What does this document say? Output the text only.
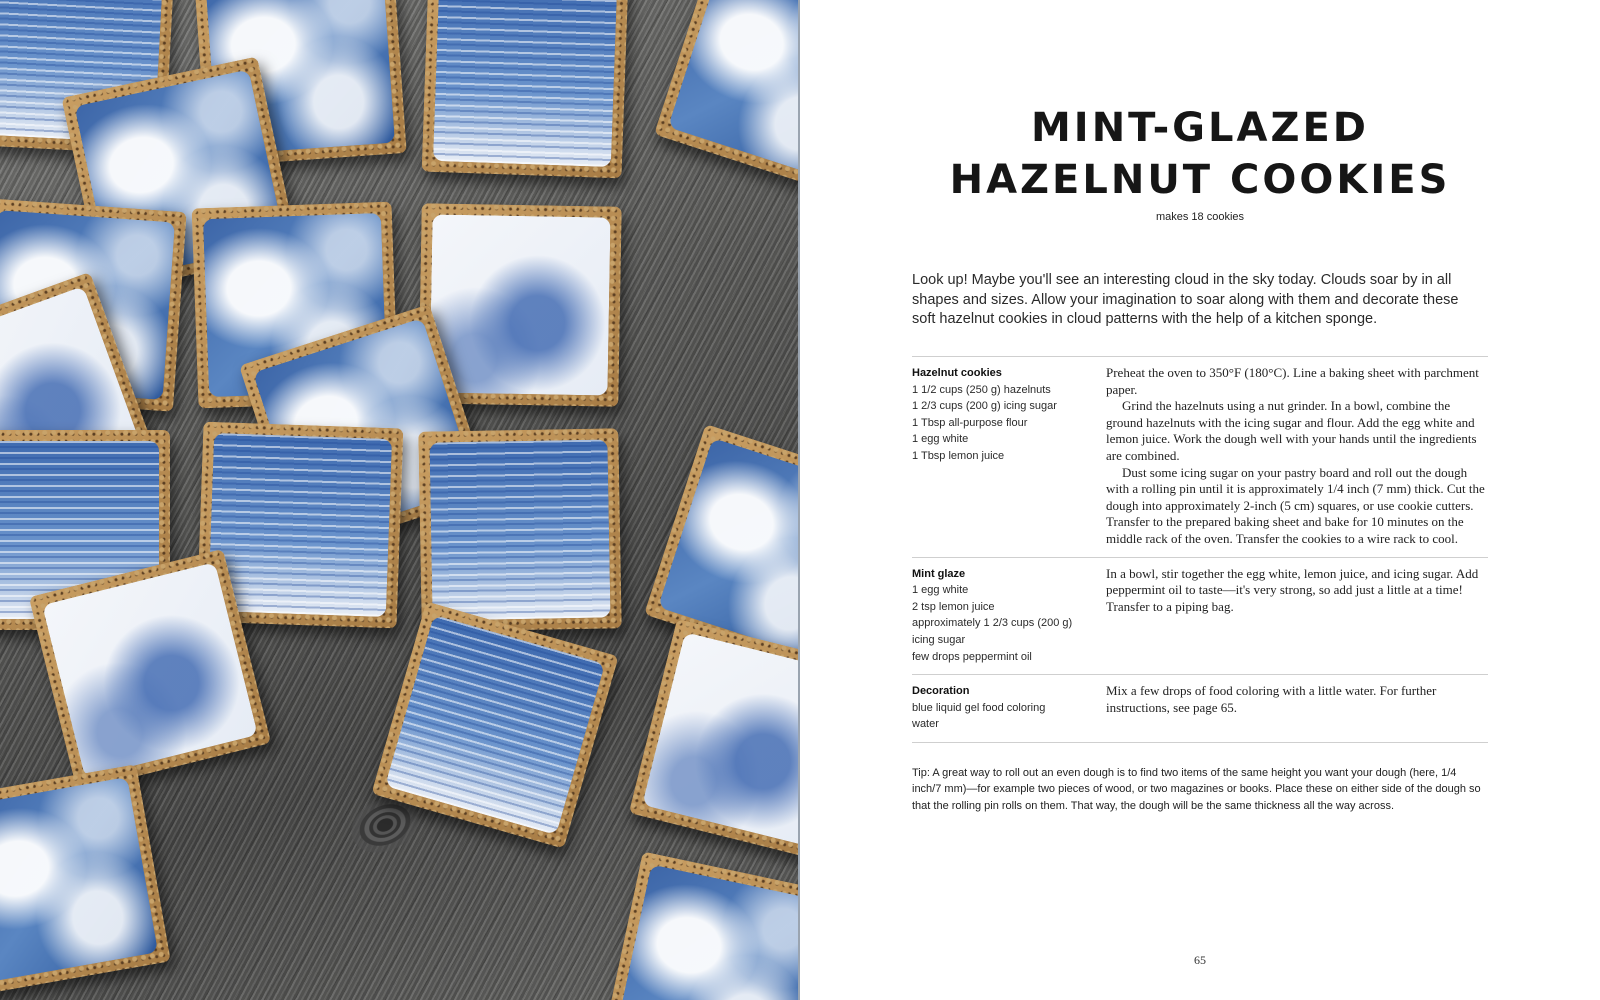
MINT-GLAZED
HAZELNUT COOKIES
makes 18 cookies

Look up! Maybe you'll see an interesting cloud in the sky today. Clouds soar by in all shapes and sizes. Allow your imagination to soar along with them and decorate these soft hazelnut cookies in cloud patterns with the help of a kitchen sponge.

Hazelnut cookies
1 1/2 cups (250 g) hazelnuts
1 2/3 cups (200 g) icing sugar
1 Tbsp all-purpose flour
1 egg white
1 Tbsp lemon juice

Preheat the oven to 350°F (180°C). Line a baking sheet with parchment paper.

Grind the hazelnuts using a nut grinder. In a bowl, combine the ground hazelnuts with the icing sugar and flour. Add the egg white and lemon juice. Work the dough well with your hands until the ingredients are combined.

Dust some icing sugar on your pastry board and roll out the dough with a rolling pin until it is approximately 1/4 inch (7 mm) thick. Cut the dough into approximately 2-inch (5 cm) squares, or use cookie cutters. Transfer to the prepared baking sheet and bake for 10 minutes on the middle rack of the oven. Transfer the cookies to a wire rack to cool.

Mint glaze
1 egg white
2 tsp lemon juice
approximately 1 2/3 cups (200 g)
icing sugar
few drops peppermint oil

In a bowl, stir together the egg white, lemon juice, and icing sugar. Add peppermint oil to taste—it's very strong, so add just a little at a time! Transfer to a piping bag.

Decoration
blue liquid gel food coloring
water

Mix a few drops of food coloring with a little water. For further instructions, see page 65.

Tip: A great way to roll out an even dough is to find two items of the same height you want your dough (here, 1/4 inch/7 mm)—for example two pieces of wood, or two magazines or books. Place these on either side of the dough so that the rolling pin rolls on them. That way, the dough will be the same thickness all the way across.

65
